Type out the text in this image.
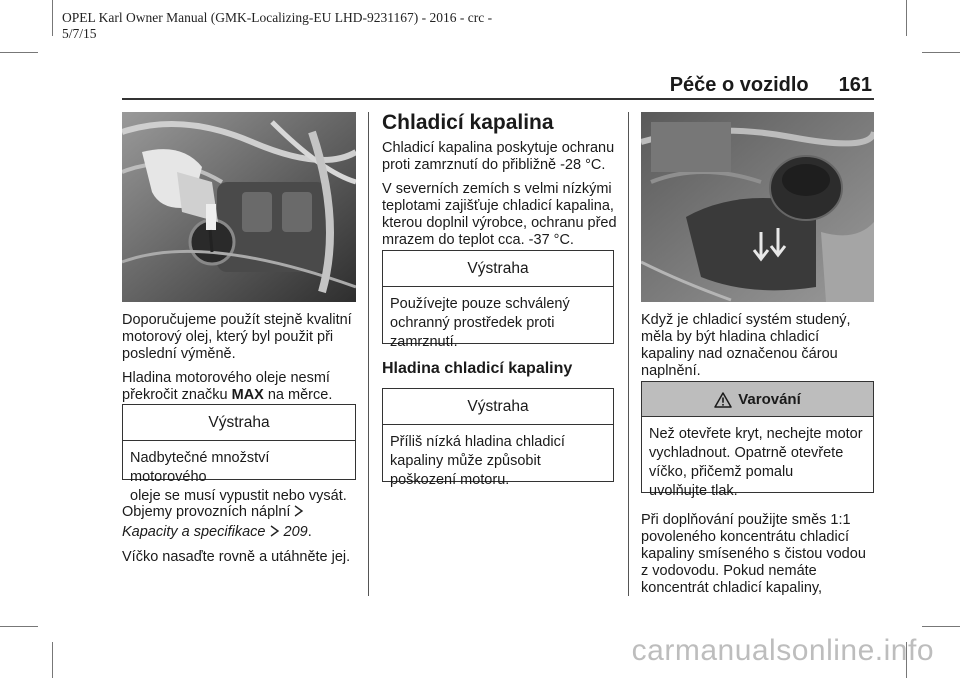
OPEL Karl Owner Manual (GMK-Localizing-EU LHD-9231167) - 2016 - crc -
5/7/15
Péče o vozidlo 161

Doporučujeme použít stejně kvalitní
motorový olej, který byl použit při
poslední výměně.

Hladina motorového oleje nesmí
překročit značku MAX na měrce.

Výstraha
Nadbytečné množství motorového
oleje se musí vypustit nebo vysát.

Objemy provozních náplní
Kapacity a specifikace 209.

Víčko nasaďte rovně a utáhněte jej.

Chladicí kapalina

Chladicí kapalina poskytuje ochranu
proti zamrznutí do přibližně -28 °C.

V severních zemích s velmi nízkými
teplotami zajišťuje chladicí kapalina,
kterou doplnil výrobce, ochranu před
mrazem do teplot cca. -37 °C.

Výstraha
Používejte pouze schválený
ochranný prostředek proti
zamrznutí.
Hladina chladicí kapaliny
Výstraha
Příliš nízká hladina chladicí
kapaliny může způsobit
poškození motoru.

Když je chladicí systém studený,
měla by být hladina chladicí
kapaliny nad označenou čárou
naplnění.

Varování
Než otevřete kryt, nechejte motor
vychladnout. Opatrně otevřete
víčko, přičemž pomalu
uvolňujte tlak.

Při doplňování použijte směs 1:1
povoleného koncentrátu chladicí
kapaliny smíseného s čistou vodou
z vodovodu. Pokud nemáte
koncentrát chladicí kapaliny,

carmanualsonline.info
